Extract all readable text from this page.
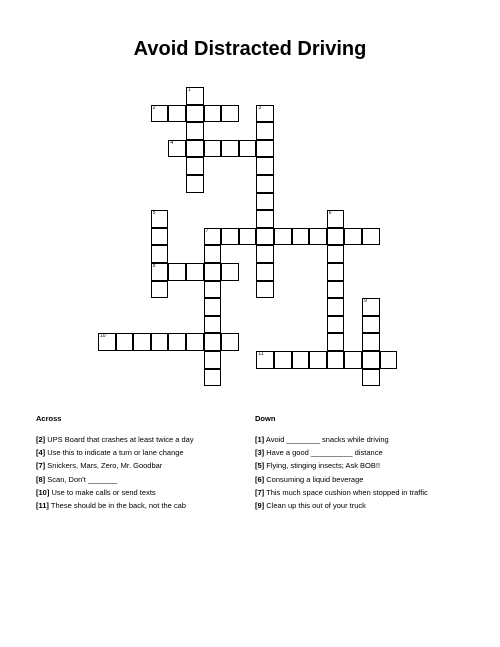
Avoid Distracted Driving
1
2	3
4
5
8
6
7
9
10
11
Across
[2] UPS Board that crashes at least twice a day
[4] Use this to indicate a turn or lane change
[7] Snickers, Mars, Zero, Mr. Goodbar
[8] Scan, Don't _______
[10] Use to make calls or send texts
[11] These should be in the back, not the cab
Down
[1] Avoid ________ snacks while driving
[3] Have a good __________ distance
[5] Flying, stinging insects; Ask BOB!!
[6] Consuming a liquid beverage
[7] This much space cushion when stopped in traffic
[9] Clean up this out of your truck
